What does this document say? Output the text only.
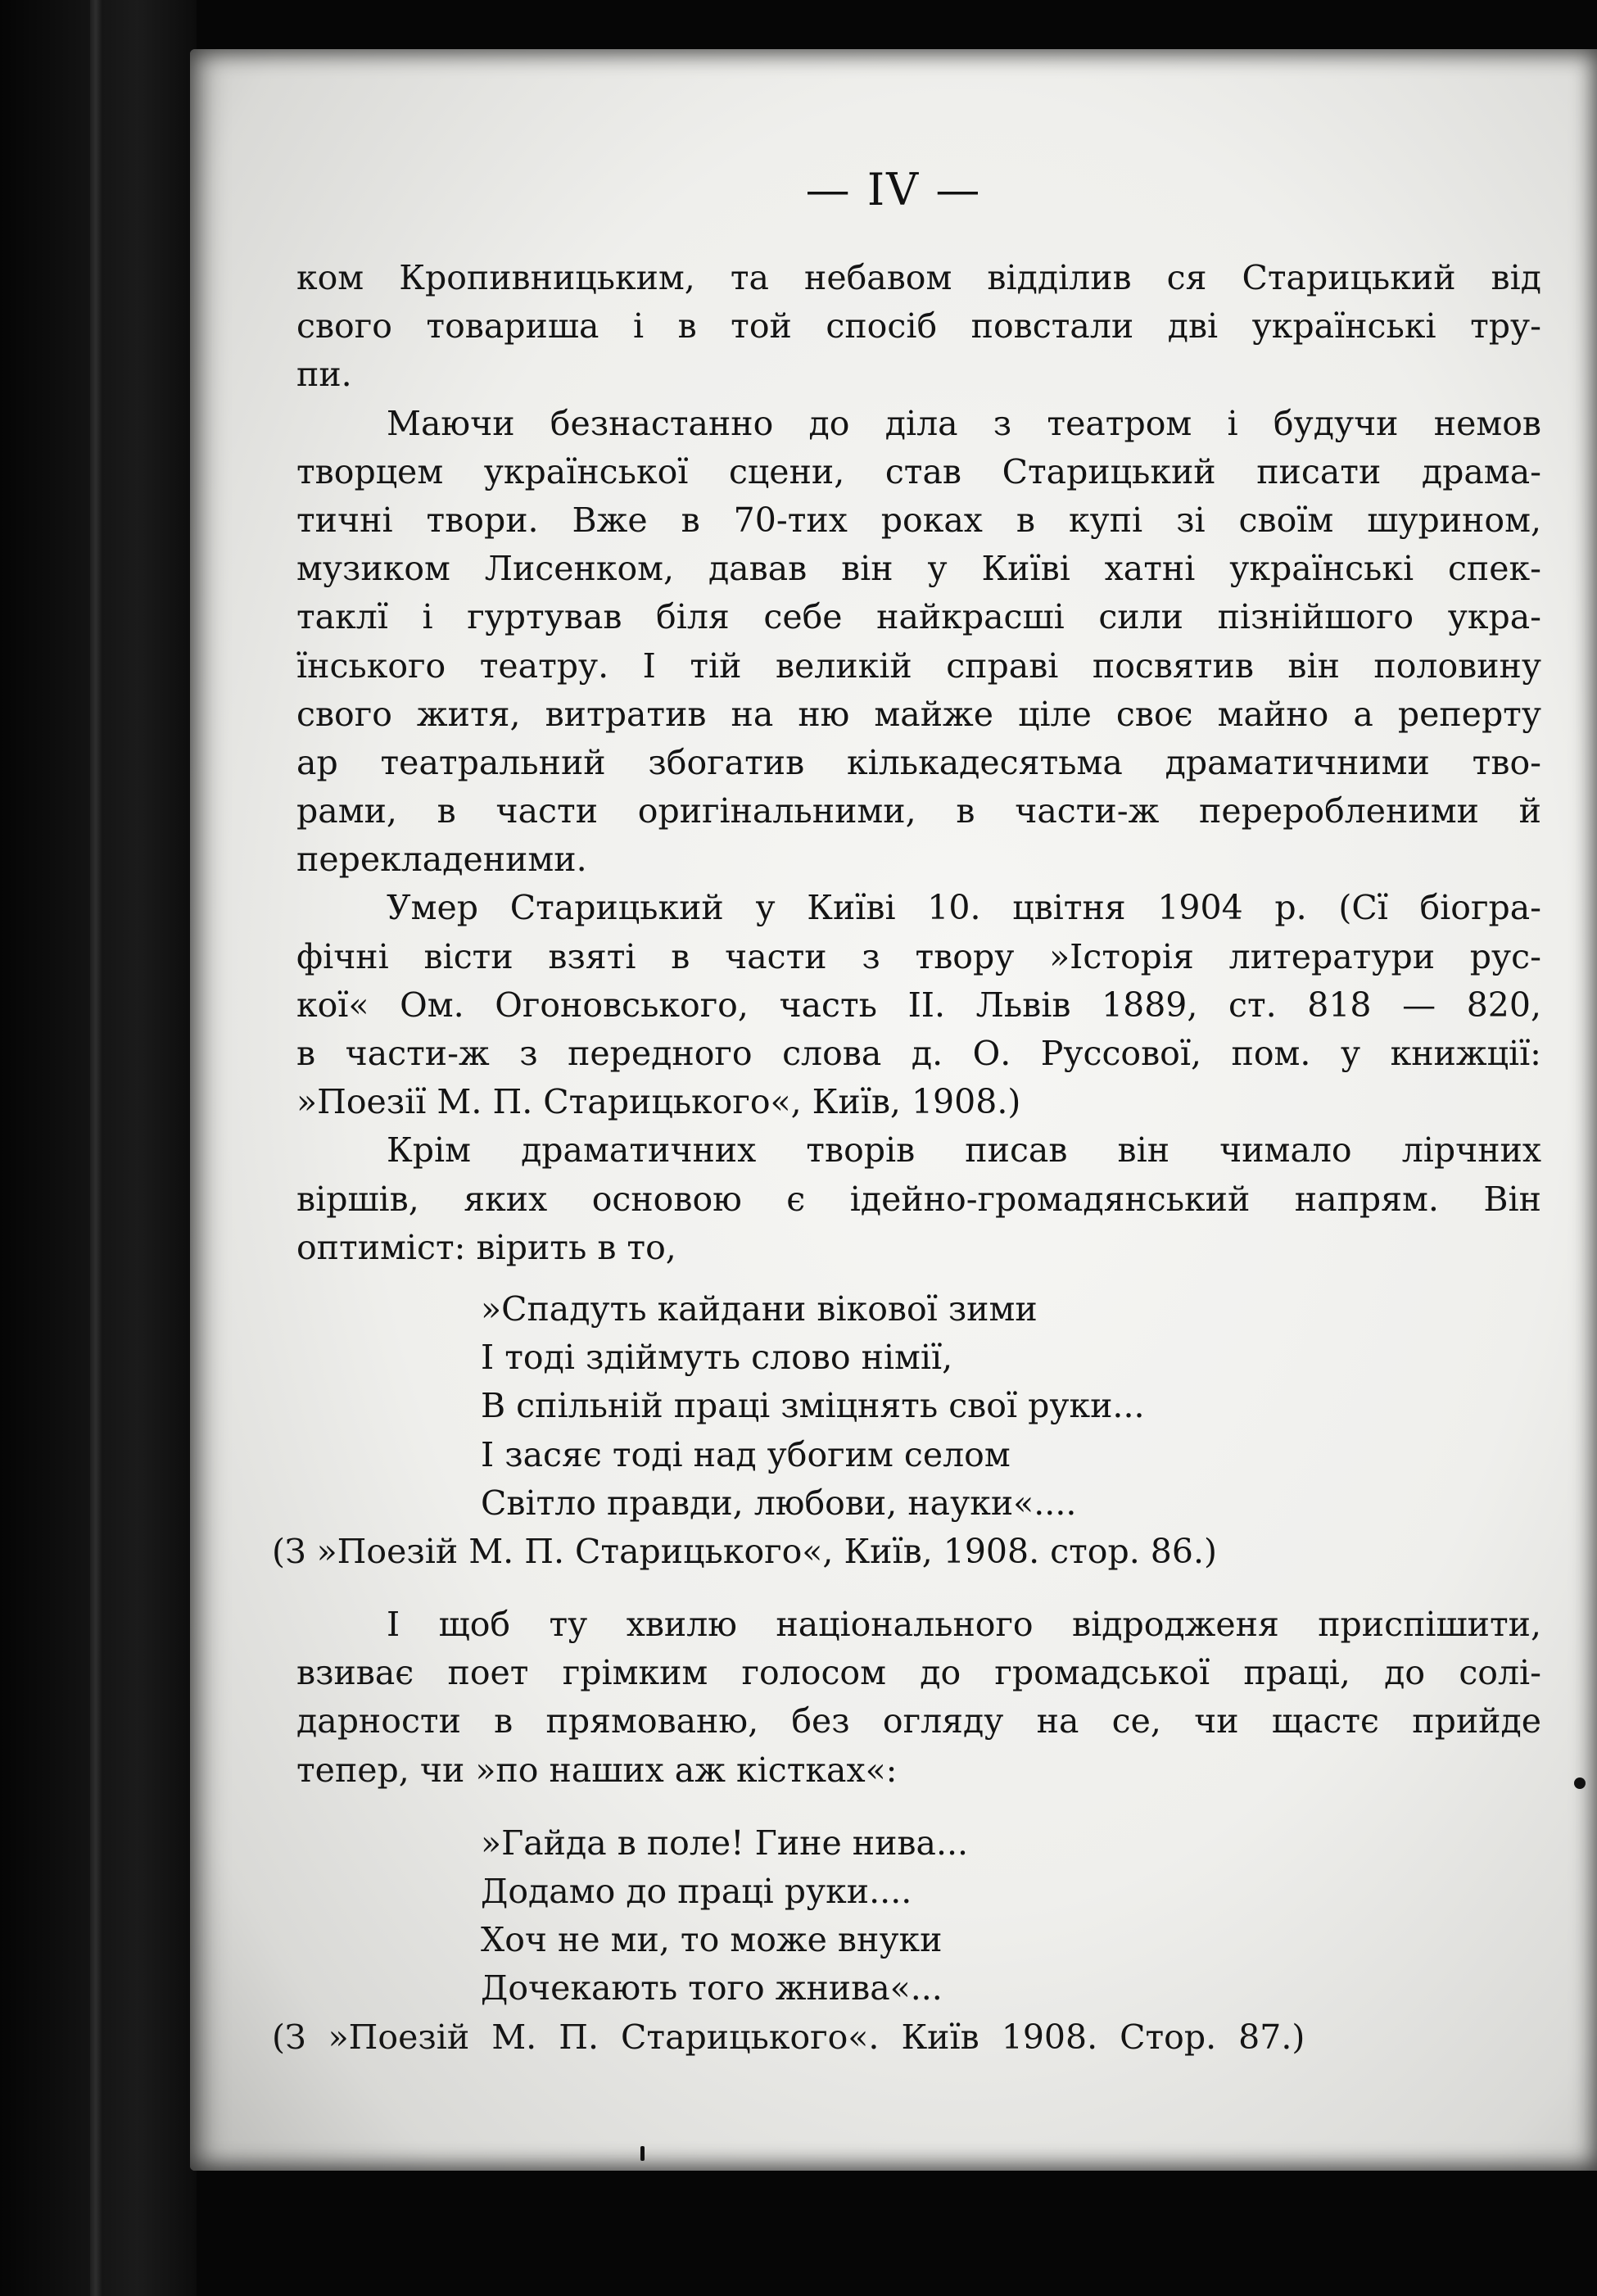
— IV —
ком Кропивницьким, та небавом відділив ся Старицький від
свого товариша і в той спосіб повстали дві українські тру-
пи.
Маючи безнастанно до діла з театром і будучи немов
творцем української сцени, став Старицький писати драма-
тичні твори. Вже в 70-тих роках в купі зі своїм шурином,
музиком Лисенком, давав він у Київі хатні українські спек-
таклї і гуртував біля себе найкрасші сили пізнійшого укра-
їнського театру. І тій великій справі посвятив він половину
свого житя, витратив на ню майже ціле своє майно а реперту
ар театральний збогатив кількадесятьма драматичними тво-
рами, в части оригінальними, в части-ж переробленими й
перекладеними.
Умер Старицький у Київі 10. цвітня 1904 р. (Сї біогра-
фічні вісти взяті в части з твору »Історія литератури рус-
кої« Ом. Огоновського, часть II. Львів 1889, ст. 818 — 820,
в части-ж з передного слова д. О. Руссової, пом. у книжції:
»Поезії М. П. Старицького«, Київ, 1908.)
Крім драматичних творів писав він чимало лірчних
віршів, яких основою є ідейно-громадянський напрям. Він
оптиміст: вірить в то,
»Спадуть кайдани вікової зими
І тоді здіймуть слово німії,
В спільній праці зміцнять свої руки...
І засяє тоді над убогим селом
Світло правди, любови, науки«....
(З »Поезій М. П. Старицького«, Київ, 1908. стор. 86.)
І щоб ту хвилю національного відродженя приспішити,
взиває поет грімким голосом до громадської праці, до солі-
дарности в прямованю, без огляду на се, чи щастє прийде
тепер, чи »по наших аж кістках«:
»Гайда в поле! Гине нива...
Додамо до праці руки....
Хоч не ми, то може внуки
Дочекають того жнива«...
(З »Поезій М. П. Старицького«. Київ 1908. Стор. 87.)
